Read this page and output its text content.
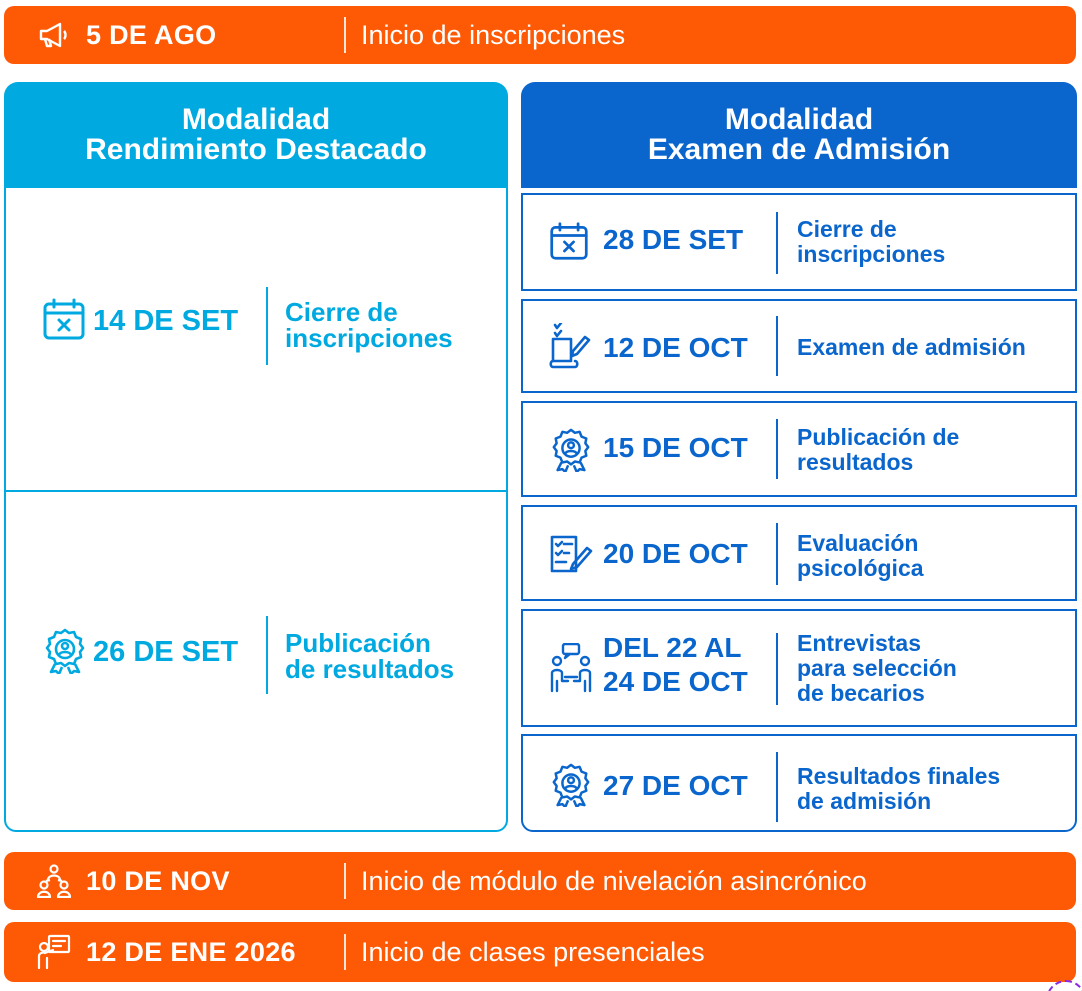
5 DE AGO	Inicio de inscripciones
Modalidad
Rendimiento Destacado
Modalidad
Examen de Admisión
14 DE SET Cierre de
inscripciones
26 DE SET Publicación
de resultados
28 DE SET Cierre de
inscripciones
12 DE OCT Examen de admisión
15 DE OCT Publicación de
resultados
20 DE OCT Evaluación
psicológica
DEL 22 AL
24 DE OCT
Entrevistas
para selección
de becarios
27 DE OCT Resultados finales
de admisión
10 DE NOV	Inicio de módulo de nivelación asincrónico
12 DE ENE 2026 Inicio de clases presenciales
